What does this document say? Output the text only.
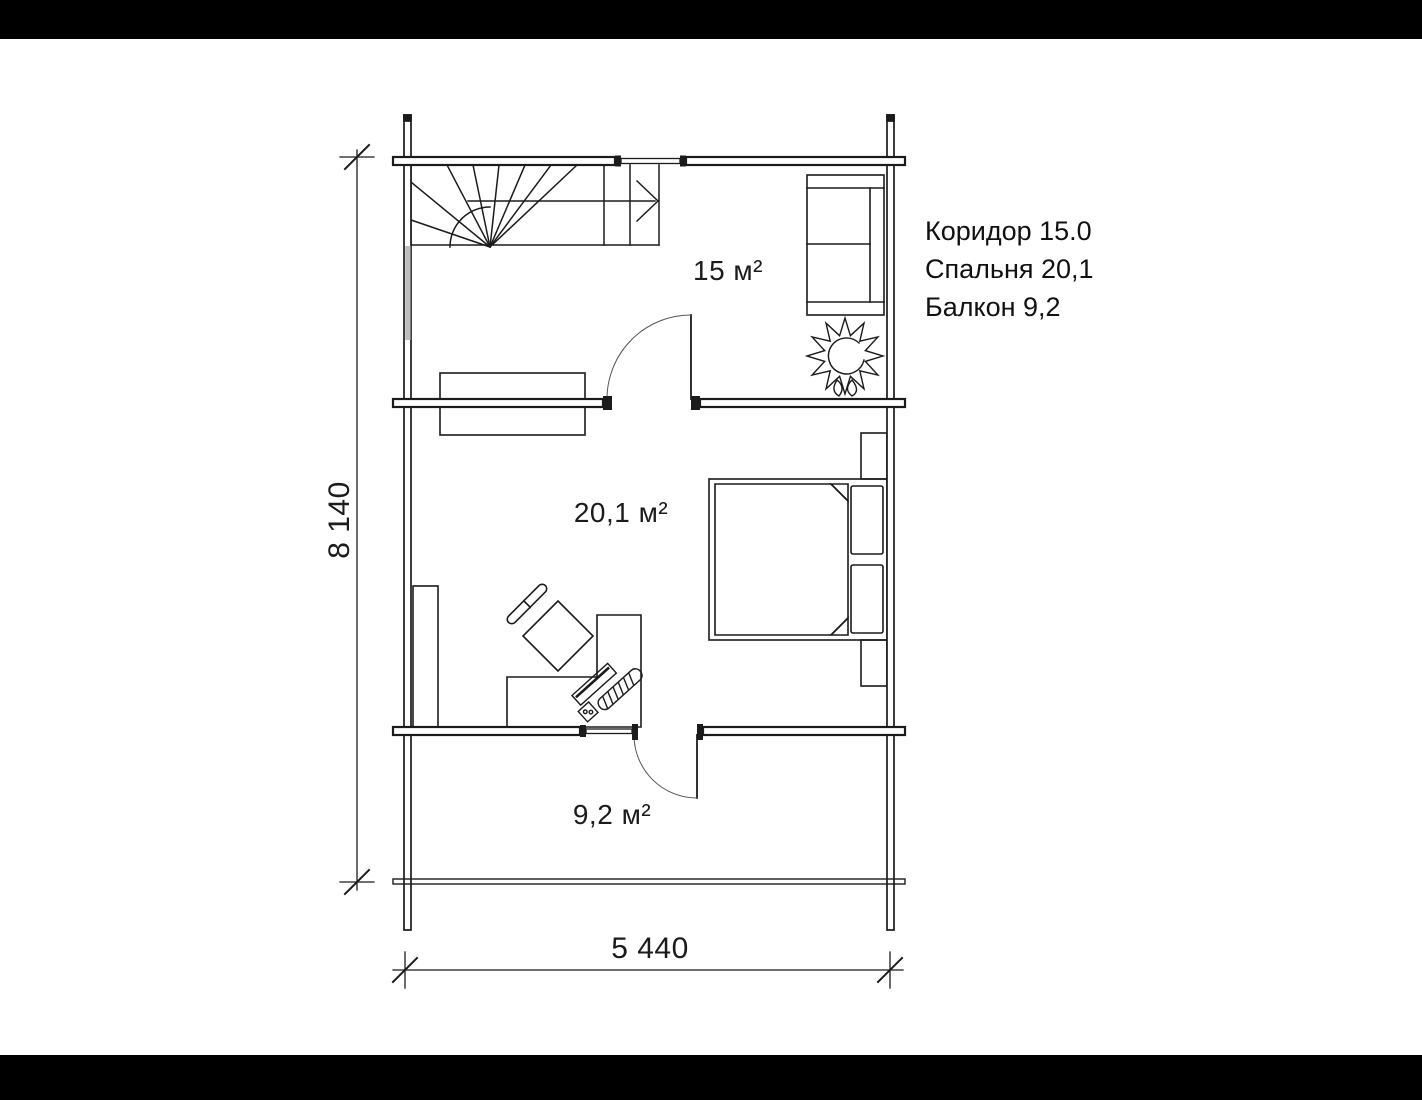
15 м²
20,1 м²
9,2 м²
Коридор 15.0
Спальня 20,1
Балкон 9,2
8 140
5 440
